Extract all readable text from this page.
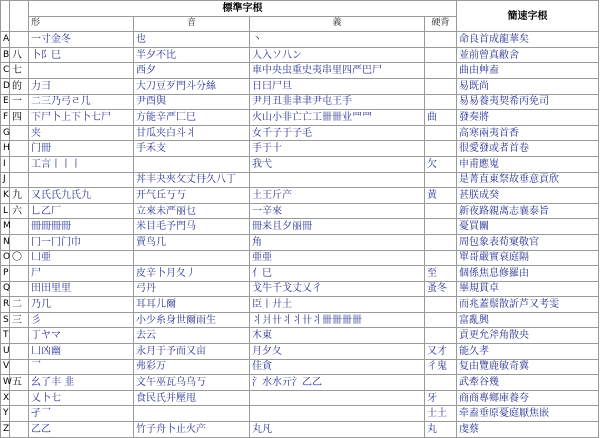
		標準字根				簡速字根
		形	音	義	硬背	
A		一寸金冬	也	丶		命良首成龍華矣
B	八	卜阝巳	半夕不比	人入ソ八ン		並前曾真敝舍
C	七		西夕	車中央虫重史夷串里四严巴尸		曲由艸盍
D	的	力彐	大刀豆歹門斗分絲	日曰尸旦		易既尚
E	一	二三乃弓ㄹ几	尹酉與	尹月丑韭聿聿尹屯王手		易易養夷契希丙免司
F	四	下尸卜上下卜七尸	方能辛严匚巳	火山小非亡亡工卌卌业罒罒	曲	發奏將
G		夹	甘瓜夹白斗丬	女千子于子毛		高寒兩夷首香
H		门冊	手禾支	手于十		很愛發或者首卷
I		工言丨丨丨		我弋	欠	申甫應嵬
J			丼丰夬夾攵丈冄久八丁			是菁直東祭故垂意貢欣
K	九	又氏氏九氏九	开气丘丂丂	土王斤产	黄	甚朕成癸
L	六	乚乙厂	立來未严丽乜	一辛來		新夜路親离志襄泰旨
M		冊冊冊冊	米目毛予門马	冊来且夕丽冊		憂買關
N		冂一冂门巾	賣鸟几	角		周包象表荀窠敬官
O	〇	凵亜		亜亜		單哥嚴實衰庭隔
P		尸	皮辛卜月夂丿	亻巳	至	個係焦息修羅由
Q		田田里里	弓丹	戈牛千戈丈乂彳	蚤冬	畢規貫卓
R	二	乃几	耳耳儿爾	臣丨廾土		而兆蓋鬃散訢芦又考雯
S	三	彡	小少糸身世爾雨生	丬爿卄丬丬卄丬卌卌卌卌		富亂興
T		丁ヤマ	去云	木東		貢更允斧角散央
U		凵凶幽	永月于予而又亩	月夕夂	又才	能久孝
V		乛	弗彩万	佳貪	彳鬼	复由覽鹿敏奇冀
W	五	幺了丰 韭	文午巫瓦乌乌丂	氵水水亓氵乙乙		武牽谷幾
X		乂卜七	食民氏并壓甩		牙	商商專鄉庫養夸
Y		孑乛			士土	牵盍垂原憂庭厭焦嵌
Z		乙乙	竹子舟卜止火产	丸凡	丸	虔蔡
